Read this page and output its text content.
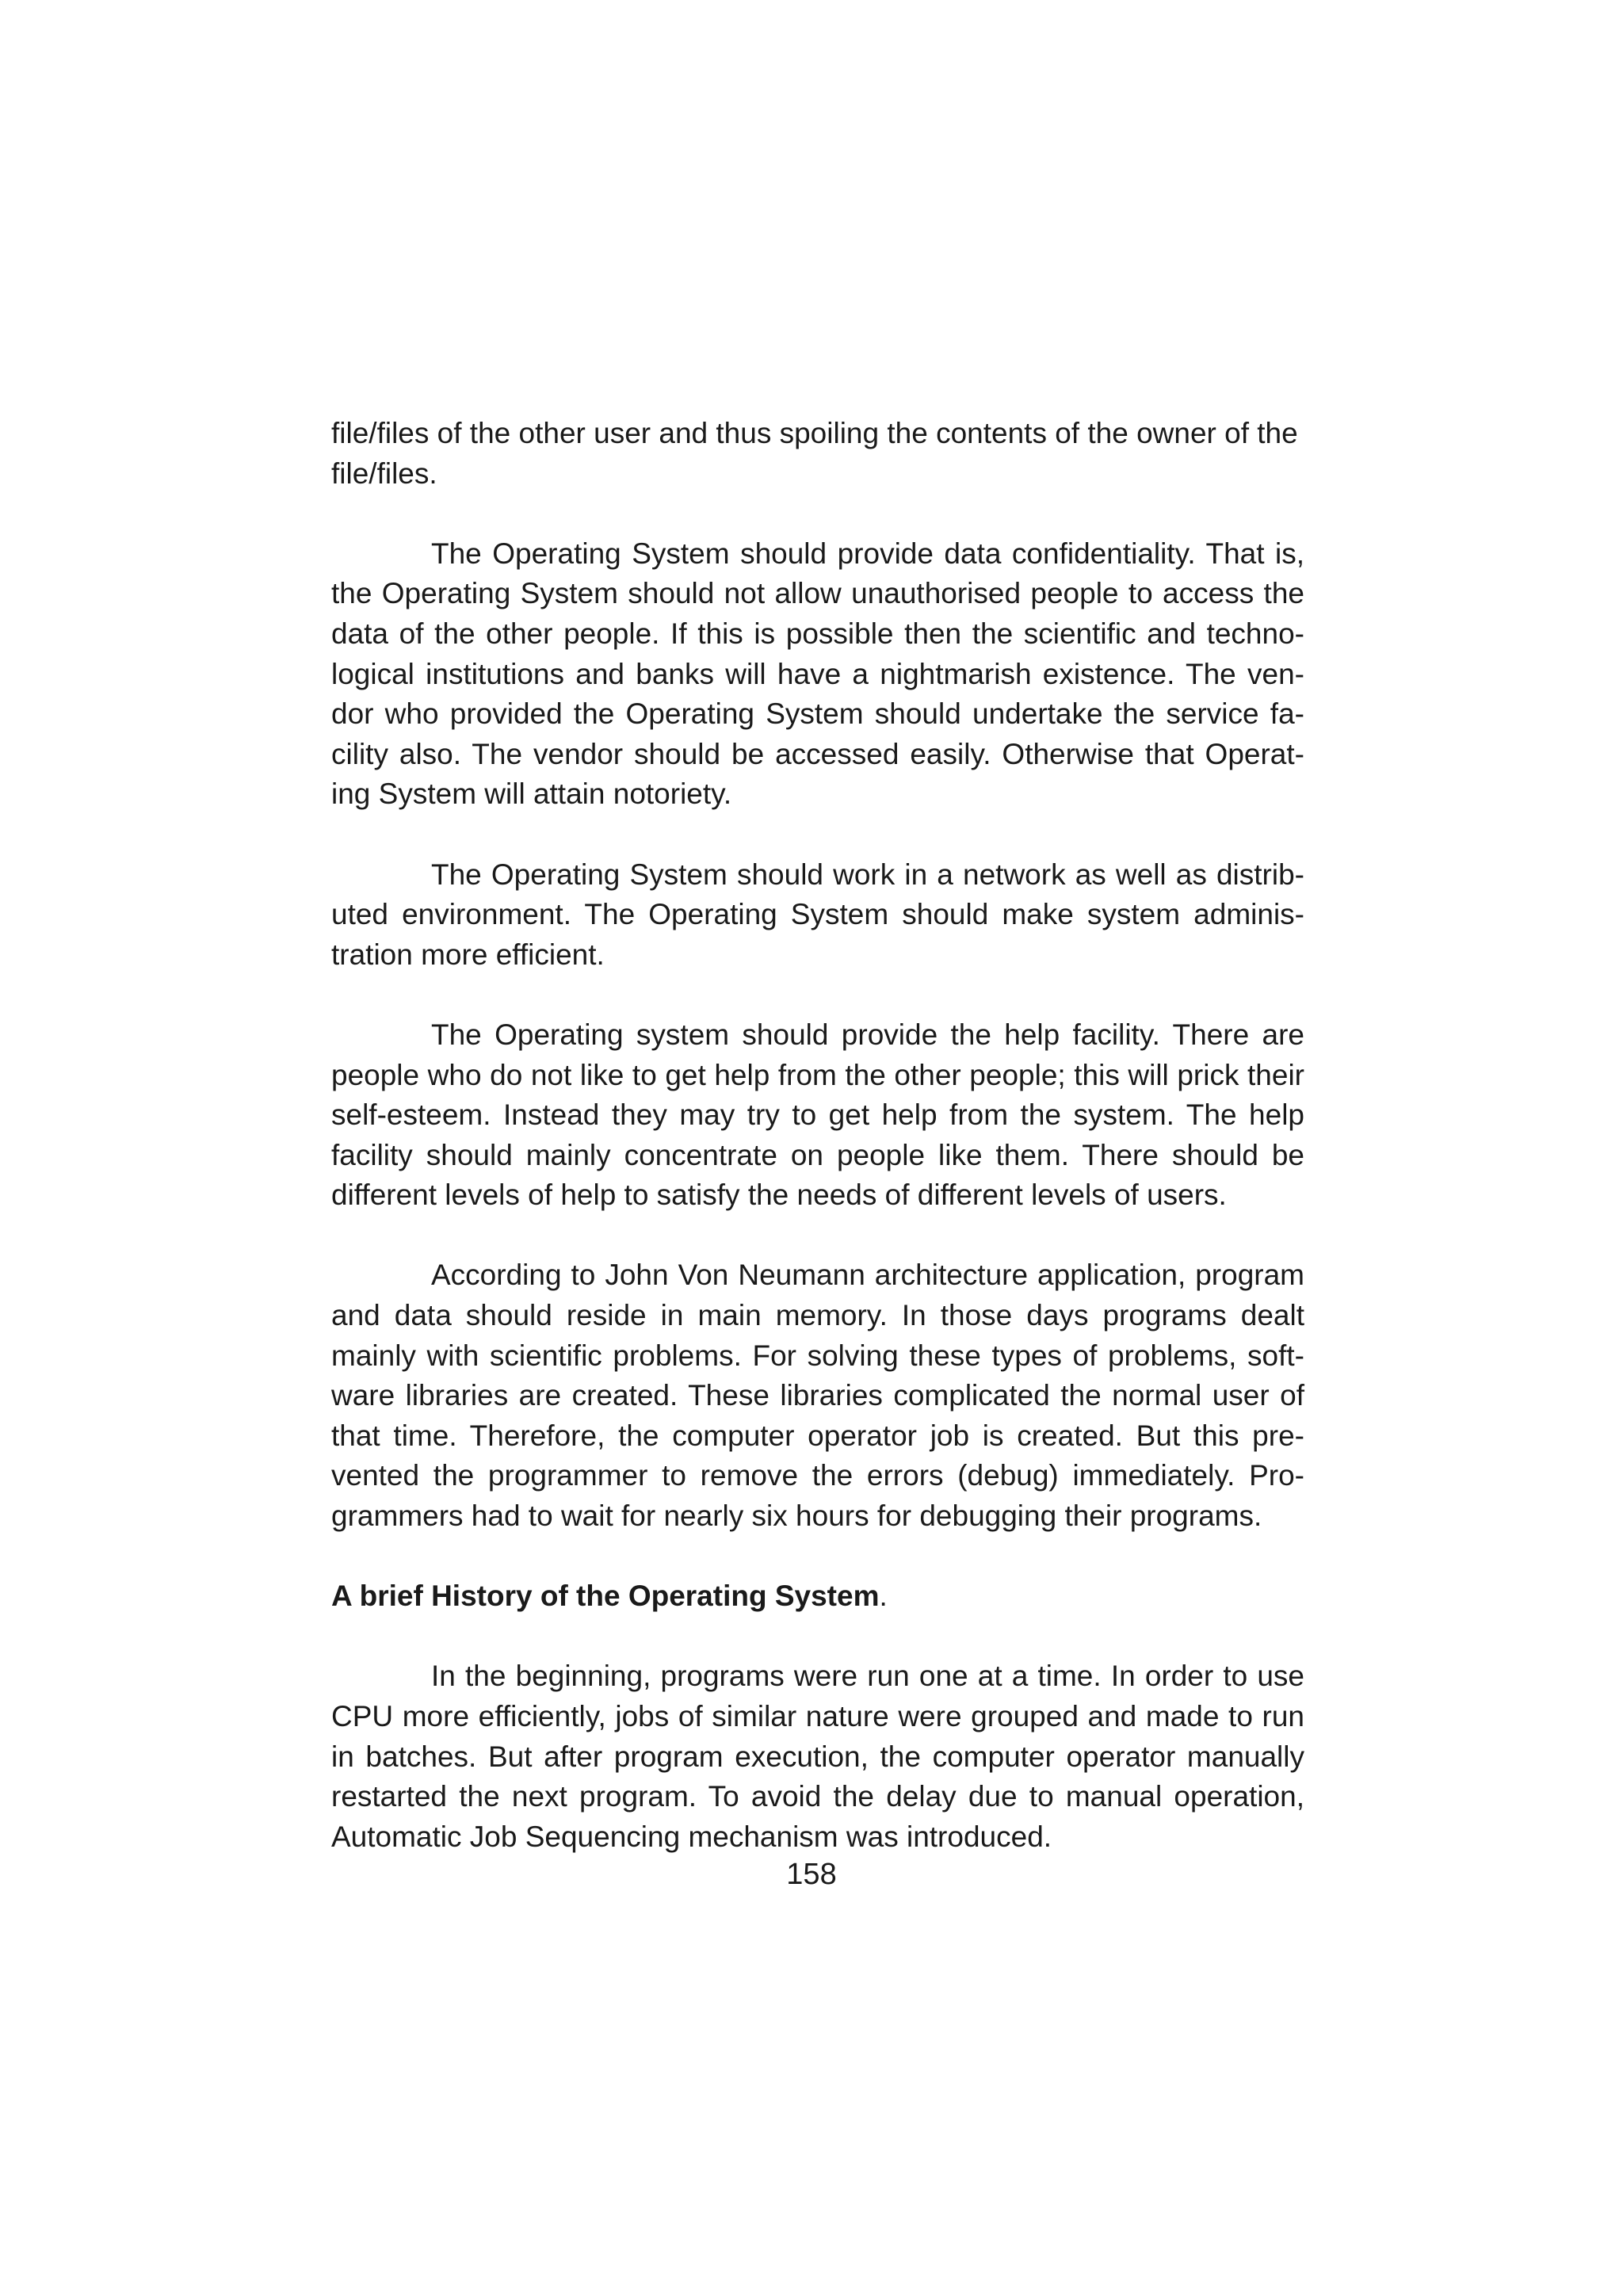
file/files of the other user and thus spoiling the contents of the owner of the file/files.

The Operating System should provide data confidentiality. That is, the Operating System should not allow unauthorised people to access the data of the other people. If this is possible then the scientific and technological institutions and banks will have a nightmarish existence. The vendor who provided the Operating System should undertake the service facility also. The vendor should be accessed easily. Otherwise that Operating System will attain notoriety.

The Operating System should work in a network as well as distributed environment. The Operating System should make system administration more efficient.

The Operating system should provide the help facility. There are people who do not like to get help from the other people; this will prick their self-esteem. Instead they may try to get help from the system. The help facility should mainly concentrate on people like them. There should be different levels of help to satisfy the needs of different levels of users.

According to John Von Neumann architecture application, program and data should reside in main memory. In those days programs dealt mainly with scientific problems. For solving these types of problems, software libraries are created. These libraries complicated the normal user of that time. Therefore, the computer operator job is created. But this prevented the programmer to remove the errors (debug) immediately. Programmers had to wait for nearly six hours for debugging their programs.

A brief History of the Operating System.

In the beginning, programs were run one at a time. In order to use CPU more efficiently, jobs of similar nature were grouped and made to run in batches. But after program execution, the computer operator manually restarted the next program. To avoid the delay due to manual operation, Automatic Job Sequencing mechanism was introduced.

158
